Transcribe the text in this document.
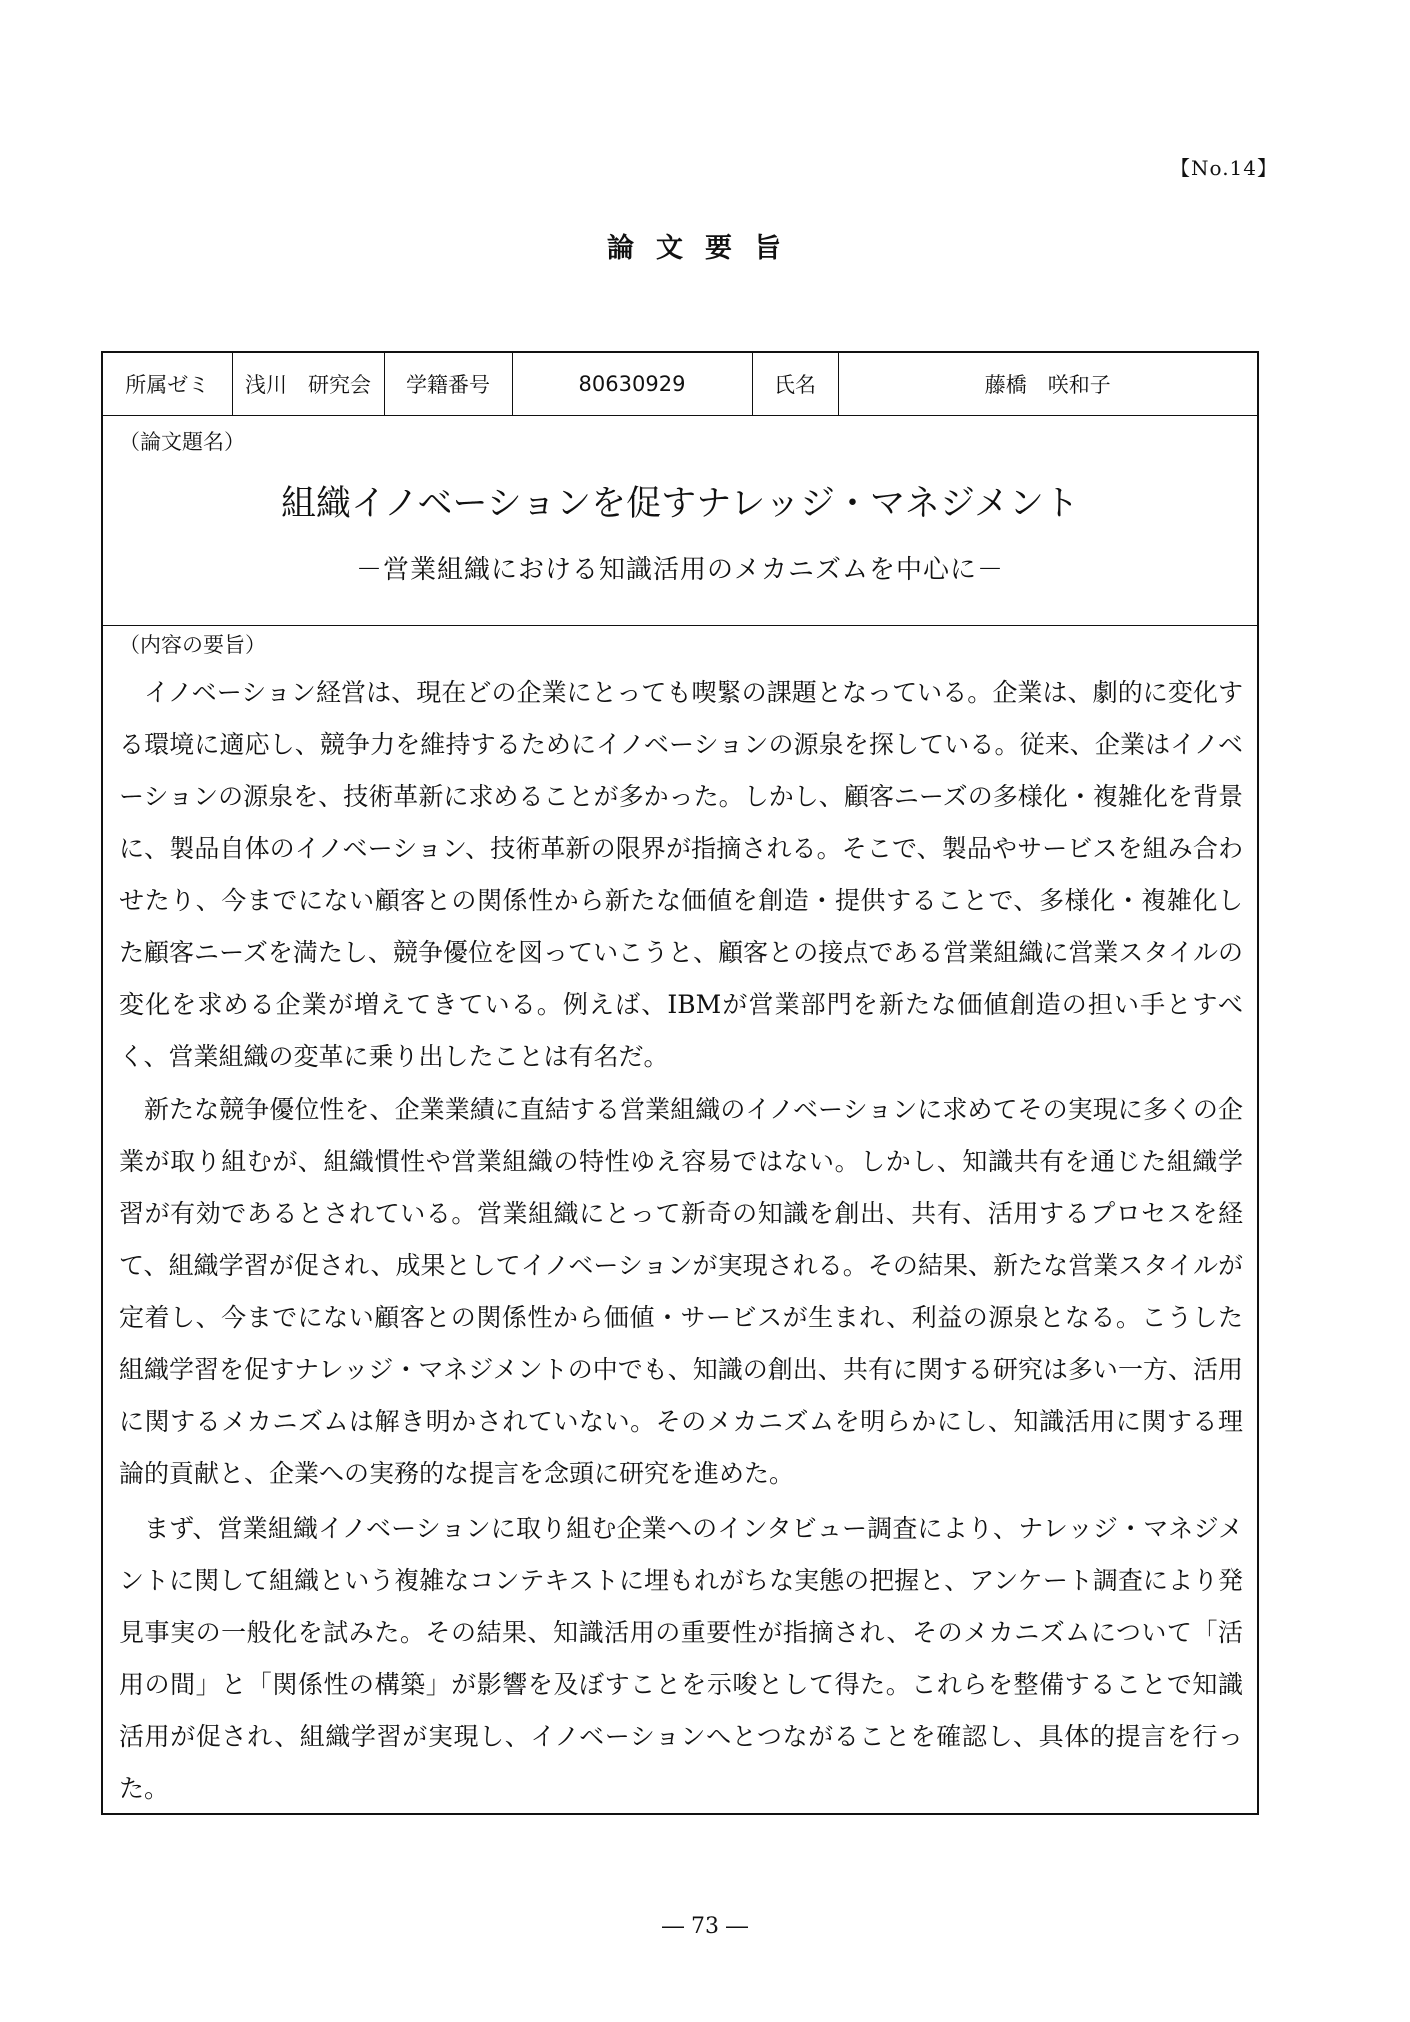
【No.14】
論文要旨
所属ゼミ	浅川　研究会	学籍番号	80630929	氏名	藤橋　咲和子
（論文題名）
組織イノベーションを促すナレッジ・マネジメント
－営業組織における知識活用のメカニズムを中心に－
（内容の要旨）

イノベーション経営は、現在どの企業にとっても喫緊の課題となっている。企業は、劇的に変化する環境に適応し、競争力を維持するためにイノベーションの源泉を探している。従来、企業はイノベーションの源泉を、技術革新に求めることが多かった。しかし、顧客ニーズの多様化・複雑化を背景に、製品自体のイノベーション、技術革新の限界が指摘される。そこで、製品やサービスを組み合わせたり、今までにない顧客との関係性から新たな価値を創造・提供することで、多様化・複雑化した顧客ニーズを満たし、競争優位を図っていこうと、顧客との接点である営業組織に営業スタイルの変化を求める企業が増えてきている。例えば、IBMが営業部門を新たな価値創造の担い手とすべく、営業組織の変革に乗り出したことは有名だ。

新たな競争優位性を、企業業績に直結する営業組織のイノベーションに求めてその実現に多くの企業が取り組むが、組織慣性や営業組織の特性ゆえ容易ではない。しかし、知識共有を通じた組織学習が有効であるとされている。営業組織にとって新奇の知識を創出、共有、活用するプロセスを経て、組織学習が促され、成果としてイノベーションが実現される。その結果、新たな営業スタイルが定着し、今までにない顧客との関係性から価値・サービスが生まれ、利益の源泉となる。こうした組織学習を促すナレッジ・マネジメントの中でも、知識の創出、共有に関する研究は多い一方、活用に関するメカニズムは解き明かされていない。そのメカニズムを明らかにし、知識活用に関する理論的貢献と、企業への実務的な提言を念頭に研究を進めた。

まず、営業組織イノベーションに取り組む企業へのインタビュー調査により、ナレッジ・マネジメントに関して組織という複雑なコンテキストに埋もれがちな実態の把握と、アンケート調査により発見事実の一般化を試みた。その結果、知識活用の重要性が指摘され、そのメカニズムについて「活用の間」と「関係性の構築」が影響を及ぼすことを示唆として得た。これらを整備することで知識活用が促され、組織学習が実現し、イノベーションへとつながることを確認し、具体的提言を行った。

― 73 ―
